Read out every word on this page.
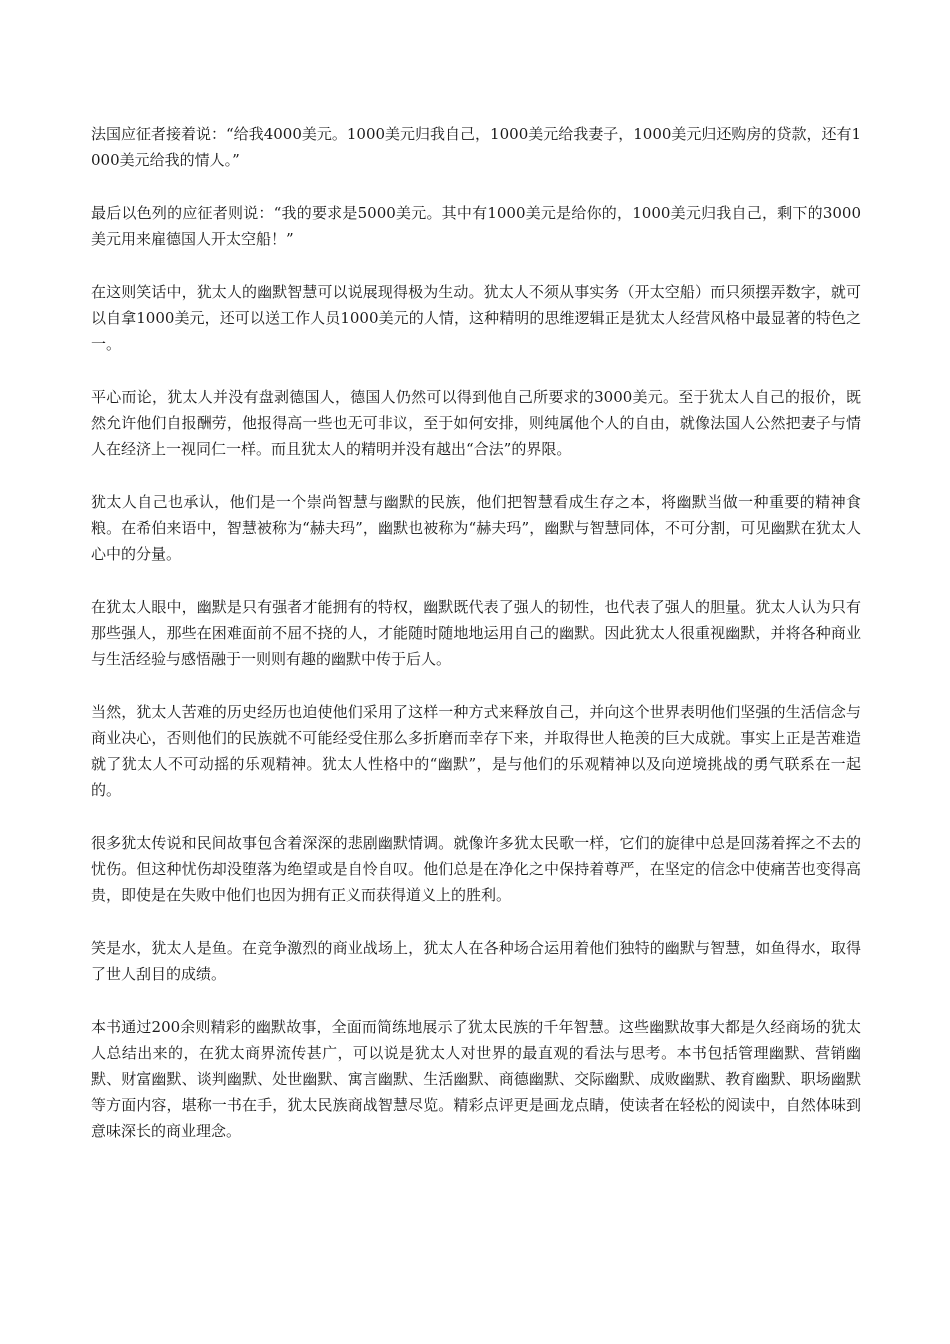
法国应征者接着说：“给我4000美元。1000美元归我自己，1000美元给我妻子，1000美元归还购房的贷款，还有1000美元给我的情人。”

最后以色列的应征者则说：“我的要求是5000美元。其中有1000美元是给你的，1000美元归我自己，剩下的3000美元用来雇德国人开太空船！”

在这则笑话中，犹太人的幽默智慧可以说展现得极为生动。犹太人不须从事实务（开太空船）而只须摆弄数字，就可以自拿1000美元，还可以送工作人员1000美元的人情，这种精明的思维逻辑正是犹太人经营风格中最显著的特色之一。

平心而论，犹太人并没有盘剥德国人，德国人仍然可以得到他自己所要求的3000美元。至于犹太人自己的报价，既然允许他们自报酬劳，他报得高一些也无可非议，至于如何安排，则纯属他个人的自由，就像法国人公然把妻子与情人在经济上一视同仁一样。而且犹太人的精明并没有越出“合法”的界限。

犹太人自己也承认，他们是一个崇尚智慧与幽默的民族，他们把智慧看成生存之本，将幽默当做一种重要的精神食粮。在希伯来语中，智慧被称为“赫夫玛”，幽默也被称为“赫夫玛”，幽默与智慧同体，不可分割，可见幽默在犹太人心中的分量。

在犹太人眼中，幽默是只有强者才能拥有的特权，幽默既代表了强人的韧性，也代表了强人的胆量。犹太人认为只有那些强人，那些在困难面前不屈不挠的人，才能随时随地地运用自己的幽默。因此犹太人很重视幽默，并将各种商业与生活经验与感悟融于一则则有趣的幽默中传于后人。

当然，犹太人苦难的历史经历也迫使他们采用了这样一种方式来释放自己，并向这个世界表明他们坚强的生活信念与商业决心，否则他们的民族就不可能经受住那么多折磨而幸存下来，并取得世人艳羡的巨大成就。事实上正是苦难造就了犹太人不可动摇的乐观精神。犹太人性格中的“幽默”，是与他们的乐观精神以及向逆境挑战的勇气联系在一起的。

很多犹太传说和民间故事包含着深深的悲剧幽默情调。就像许多犹太民歌一样，它们的旋律中总是回荡着挥之不去的忧伤。但这种忧伤却没堕落为绝望或是自怜自叹。他们总是在净化之中保持着尊严，在坚定的信念中使痛苦也变得高贵，即使是在失败中他们也因为拥有正义而获得道义上的胜利。

笑是水，犹太人是鱼。在竞争激烈的商业战场上，犹太人在各种场合运用着他们独特的幽默与智慧，如鱼得水，取得了世人刮目的成绩。

本书通过200余则精彩的幽默故事，全面而简练地展示了犹太民族的千年智慧。这些幽默故事大都是久经商场的犹太人总结出来的，在犹太商界流传甚广，可以说是犹太人对世界的最直观的看法与思考。本书包括管理幽默、营销幽默、财富幽默、谈判幽默、处世幽默、寓言幽默、生活幽默、商德幽默、交际幽默、成败幽默、教育幽默、职场幽默等方面内容，堪称一书在手，犹太民族商战智慧尽览。精彩点评更是画龙点睛，使读者在轻松的阅读中，自然体味到意味深长的商业理念。
